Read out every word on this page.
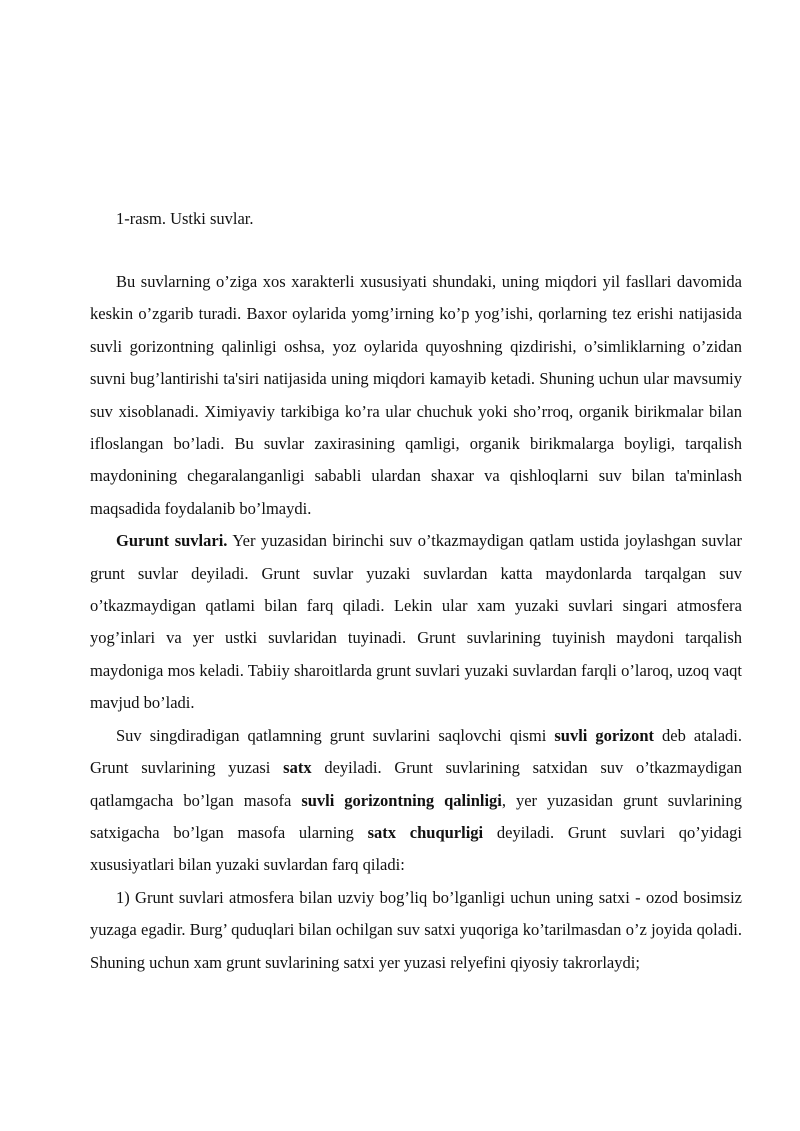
1-rasm. Ustki suvlar.

Bu suvlarning o’ziga xos xarakterli xususiyati shundaki, uning miqdori yil fasllari davomida keskin o’zgarib turadi. Baxor oylarida yomg’irning ko’p yog’ishi, qorlarning tez erishi natijasida suvli gorizontning qalinligi oshsa, yoz oylarida quyoshning qizdirishi, o’simliklarning o’zidan suvni bug’lantirishi ta'siri natijasida uning miqdori kamayib ketadi. Shuning uchun ular mavsumiy suv xisoblanadi. Ximiyaviy tarkibiga ko’ra ular chuchuk yoki sho’rroq, organik birikmalar bilan ifloslangan bo’ladi. Bu suvlar zaxirasining qamligi, organik birikmalarga boyligi, tarqalish maydonining chegaralanganligi sababli ulardan shaxar va qishloqlarni suv bilan ta'minlash maqsadida foydalanib bo’lmaydi.

Gurunt suvlari. Yer yuzasidan birinchi suv o’tkazmaydigan qatlam ustida joylashgan suvlar grunt suvlar deyiladi. Grunt suvlar yuzaki suvlardan katta maydonlarda tarqalgan suv o’tkazmaydigan qatlami bilan farq qiladi. Lekin ular xam yuzaki suvlari singari atmosfera yog’inlari va yer ustki suvlaridan tuyinadi. Grunt suvlarining tuyinish maydoni tarqalish maydoniga mos keladi. Tabiiy sharoitlarda grunt suvlari yuzaki suvlardan farqli o’laroq, uzoq vaqt mavjud bo’ladi.

Suv singdiradigan qatlamning grunt suvlarini saqlovchi qismi suvli gorizont deb ataladi. Grunt suvlarining yuzasi satx deyiladi. Grunt suvlarining satxidan suv o’tkazmaydigan qatlamgacha bo’lgan masofa suvli gorizontning qalinligi, yer yuzasidan grunt suvlarining satxigacha bo’lgan masofa ularning satx chuqurligi deyiladi. Grunt suvlari qo’yidagi xususiyatlari bilan yuzaki suvlardan farq qiladi:

1) Grunt suvlari atmosfera bilan uzviy bog’liq bo’lganligi uchun uning satxi - ozod bosimsiz yuzaga egadir. Burg’ quduqlari bilan ochilgan suv satxi yuqoriga ko’tarilmasdan o’z joyida qoladi. Shuning uchun xam grunt suvlarining satxi yer yuzasi relyefini qiyosiy takrorlaydi;
